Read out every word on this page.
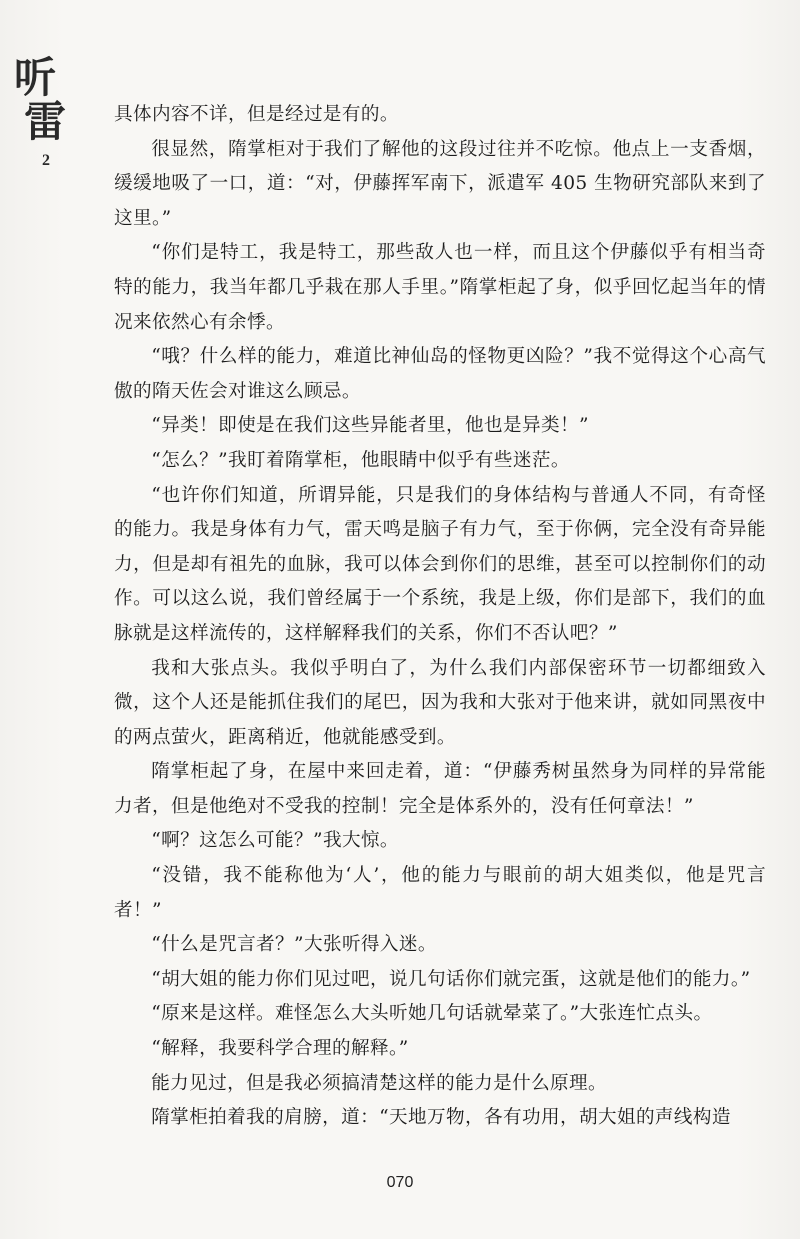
听
雷
2

具体内容不详，但是经过是有的。

很显然，隋掌柜对于我们了解他的这段过往并不吃惊。他点上一支香烟，缓缓地吸了一口，道：“对，伊藤挥军南下，派遣军 405 生物研究部队来到了这里。”

“你们是特工，我是特工，那些敌人也一样，而且这个伊藤似乎有相当奇特的能力，我当年都几乎栽在那人手里。”隋掌柜起了身，似乎回忆起当年的情况来依然心有余悸。

“哦？什么样的能力，难道比神仙岛的怪物更凶险？”我不觉得这个心高气傲的隋天佐会对谁这么顾忌。

“异类！即使是在我们这些异能者里，他也是异类！”

“怎么？”我盯着隋掌柜，他眼睛中似乎有些迷茫。

“也许你们知道，所谓异能，只是我们的身体结构与普通人不同，有奇怪的能力。我是身体有力气，雷天鸣是脑子有力气，至于你俩，完全没有奇异能力，但是却有祖先的血脉，我可以体会到你们的思维，甚至可以控制你们的动作。可以这么说，我们曾经属于一个系统，我是上级，你们是部下，我们的血脉就是这样流传的，这样解释我们的关系，你们不否认吧？”

我和大张点头。我似乎明白了，为什么我们内部保密环节一切都细致入微，这个人还是能抓住我们的尾巴，因为我和大张对于他来讲，就如同黑夜中的两点萤火，距离稍近，他就能感受到。

隋掌柜起了身，在屋中来回走着，道：“伊藤秀树虽然身为同样的异常能力者，但是他绝对不受我的控制！完全是体系外的，没有任何章法！”

“啊？这怎么可能？”我大惊。

“没错，我不能称他为‘人’，他的能力与眼前的胡大姐类似，他是咒言者！”

“什么是咒言者？”大张听得入迷。

“胡大姐的能力你们见过吧，说几句话你们就完蛋，这就是他们的能力。”

“原来是这样。难怪怎么大头听她几句话就晕菜了。”大张连忙点头。

“解释，我要科学合理的解释。”

能力见过，但是我必须搞清楚这样的能力是什么原理。

隋掌柜拍着我的肩膀，道：“天地万物，各有功用，胡大姐的声线构造

070
